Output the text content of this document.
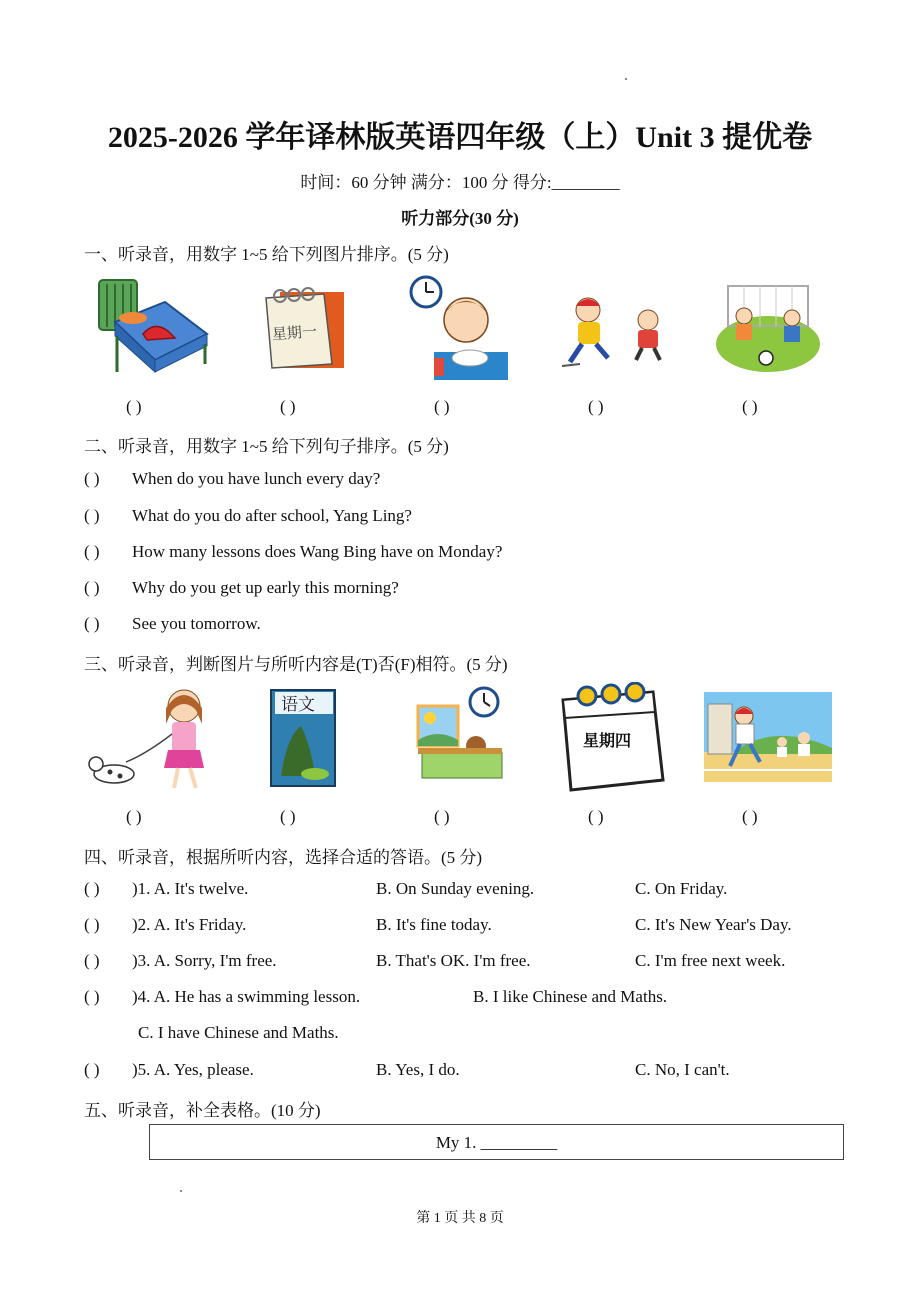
2025-2026 学年译林版英语四年级（上）Unit 3 提优卷
时间：60 分钟 满分：100 分 得分:________
听力部分(30 分)
一、听录音，用数字 1~5 给下列图片排序。(5 分)
星期一
( )	( )	( )	( )	( )
二、听录音，用数字 1~5 给下列句子排序。(5 分)
( ) When do you have lunch every day?
( ) What do you do after school, Yang Ling?
( ) How many lessons does Wang Bing have on Monday?
( ) Why do you get up early this morning?
( ) See you tomorrow.
三、听录音，判断图片与所听内容是(T)否(F)相符。(5 分)
语文
星期四
( )	( )	( )	( )	( )
四、听录音，根据所听内容，选择合适的答语。(5 分)
( ) )1. A. It's twelve.	B. On Sunday evening.	C. On Friday.
( ) )2. A. It's Friday.	B. It's fine today.	C. It's New Year's Day.
( ) )3. A. Sorry, I'm free.	B. That's OK. I'm free.	C. I'm free next week.
( ) )4. A. He has a swimming lesson.	B. I like Chinese and Maths.
C. I have Chinese and Maths.
( ) )5. A. Yes, please.	B. Yes, I do.	C. No, I can't.
五、听录音，补全表格。(10 分)
My 1. _________
第 1 页 共 8 页
